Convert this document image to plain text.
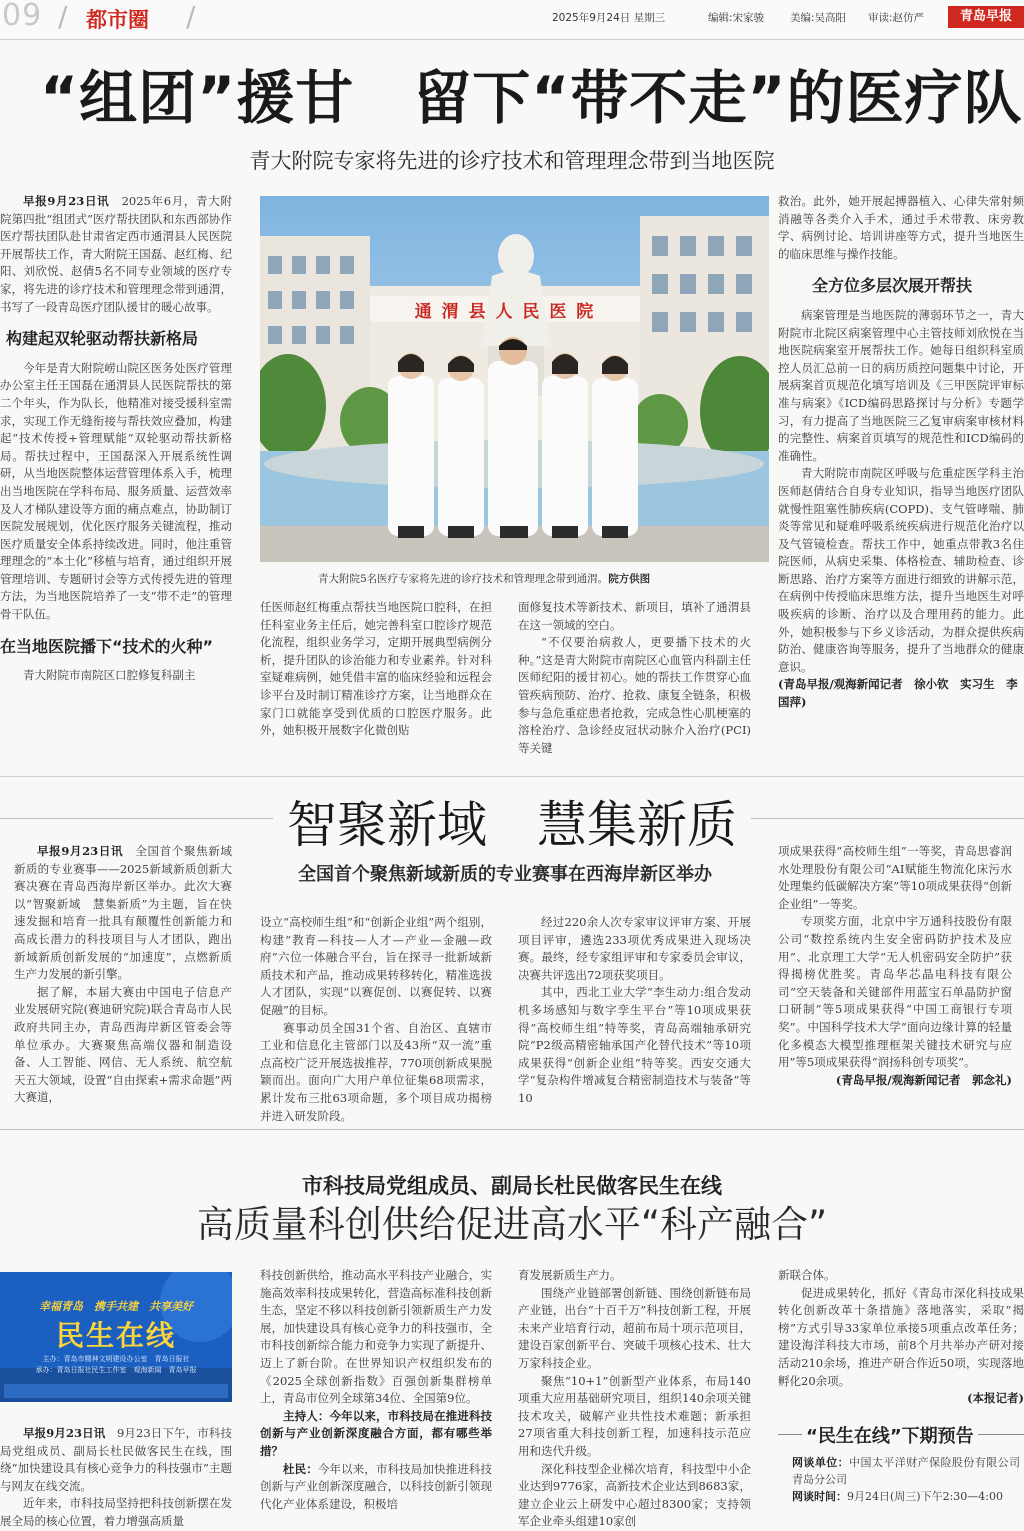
09 / 都市圈 /	2025年9月24日 星期三	编辑:宋家骏 美编:吴高阳 审读:赵仿严	青岛早报
“组团”援甘　留下“带不走”的医疗队
青大附院专家将先进的诊疗技术和管理理念带到当地医院

早报9月23日讯　 2025年6月，青大附院第四批“组团式”医疗帮扶团队和东西部协作医疗帮扶团队赴甘肃省定西市通渭县人民医院开展帮扶工作，青大附院王国磊、赵红梅、纪阳、刘欣悦、赵倩5名不同专业领域的医疗专家，将先进的诊疗技术和管理理念带到通渭，书写了一段青岛医疗团队援甘的暖心故事。

构建起双轮驱动帮扶新格局

今年是青大附院崂山院区医务处医疗管理办公室主任王国磊在通渭县人民医院帮扶的第二个年头，作为队长，他精准对接受援科室需求，实现工作无缝衔接与帮扶效应叠加，构建起“技术传授+管理赋能”双轮驱动帮扶新格局。帮扶过程中，王国磊深入开展系统性调研，从当地医院整体运营管理体系入手，梳理出当地医院在学科布局、服务质量、运营效率及人才梯队建设等方面的痛点难点，协助制订医院发展规划，优化医疗服务关键流程，推动医疗质量安全体系持续改进。同时，他注重管理理念的“本土化”移植与培育，通过组织开展管理培训、专题研讨会等方式传授先进的管理方法，为当地医院培养了一支“带不走”的管理骨干队伍。

在当地医院播下“技术的火种”

青大附院市南院区口腔修复科副主

通 渭 县 人 民 医 院
青大附院5名医疗专家将先进的诊疗技术和管理理念带到通渭。院方供图

任医师赵红梅重点帮扶当地医院口腔科，在担任科室业务主任后，她完善科室口腔诊疗规范化流程，组织业务学习，定期开展典型病例分析，提升团队的诊治能力和专业素养。针对科室疑难病例，她凭借丰富的临床经验和远程会诊平台及时制订精准诊疗方案，让当地群众在家门口就能享受到优质的口腔医疗服务。此外，她积极开展数字化微创贴

面修复技术等新技术、新项目，填补了通渭县在这一领域的空白。

“不仅要治病救人，更要播下技术的火种。”这是青大附院市南院区心血管内科副主任医师纪阳的援甘初心。她的帮扶工作贯穿心血管疾病预防、治疗、抢救、康复全链条，积极参与急危重症患者抢救，完成急性心肌梗塞的溶栓治疗、急诊经皮冠状动脉介入治疗(PCI)等关键

救治。此外，她开展起搏器植入、心律失常射频消融等各类介入手术，通过手术带教、床旁教学、病例讨论、培训讲座等方式，提升当地医生的临床思维与操作技能。

全方位多层次展开帮扶

病案管理是当地医院的薄弱环节之一，青大附院市北院区病案管理中心主管技师刘欣悦在当地医院病案室开展帮扶工作。她每日组织科室质控人员汇总前一日的病历质控问题集中讨论，开展病案首页规范化填写培训及《三甲医院评审标准与病案》《ICD编码思路探讨与分析》专题学习，有力提高了当地医院三乙复审病案审核材料的完整性、病案首页填写的规范性和ICD编码的准确性。

青大附院市南院区呼吸与危重症医学科主治医师赵倩结合自身专业知识，指导当地医疗团队就慢性阻塞性肺疾病(COPD)、支气管哮喘、肺炎等常见和疑难呼吸系统疾病进行规范化治疗以及气管镜检查。帮扶工作中，她重点带教3名住院医师，从病史采集、体格检查、辅助检查、诊断思路、治疗方案等方面进行细致的讲解示范，在病例中传授临床思维方法，提升当地医生对呼吸疾病的诊断、治疗以及合理用药的能力。此外，她积极参与下乡义诊活动，为群众提供疾病防治、健康咨询等服务，提升了当地群众的健康意识。

(青岛早报/观海新闻记者　徐小钦　实习生　李国萍)

智聚新域　慧集新质
全国首个聚焦新域新质的专业赛事在西海岸新区举办

早报9月23日讯　 全国首个聚焦新域新质的专业赛事——2025新域新质创新大赛决赛在青岛西海岸新区举办。此次大赛以“智聚新域　慧集新质”为主题，旨在快速发掘和培育一批具有颠覆性创新能力和高成长潜力的科技项目与人才团队，跑出新域新质创新发展的“加速度”，点燃新质生产力发展的新引擎。

据了解，本届大赛由中国电子信息产业发展研究院(赛迪研究院)联合青岛市人民政府共同主办，青岛西海岸新区管委会等单位承办。大赛聚焦高端仪器和制造设备、人工智能、网信、无人系统、航空航天五大领域，设置“自由探索+需求命题”两大赛道，

设立“高校师生组”和“创新企业组”两个组别，构建“教育—科技—人才—产业—金融—政府”六位一体融合平台，旨在探寻一批新域新质技术和产品，推动成果转移转化，精准选拔人才团队，实现“以赛促创、以赛促转、以赛促融”的目标。

赛事动员全国31个省、自治区、直辖市工业和信息化主管部门以及43所“双一流”重点高校广泛开展选拔推荐，770项创新成果脱颖而出。面向广大用户单位征集68项需求，累计发布三批63项命题，多个项目成功揭榜并进入研发阶段。

经过220余人次专家审议评审方案、开展项目评审，遴选233项优秀成果进入现场决赛。最终，经专家组评审和专家委员会审议，决赛共评选出72项获奖项目。

其中，西北工业大学“李生动力:组合发动机多场感知与数字孪生平台”等10项成果获得“高校师生组”特等奖，青岛高端轴承研究院“P2级高精密轴承国产化替代技术”等10项成果获得“创新企业组”特等奖。西安交通大学“复杂构件增减复合精密制造技术与装备”等10

项成果获得“高校师生组”一等奖，青岛思睿润水处理股份有限公司“AI赋能生物流化床污水处理集约低碳解决方案”等10项成果获得“创新企业组”一等奖。

专项奖方面，北京中宇万通科技股份有限公司“数控系统内生安全密码防护技术及应用”、北京理工大学“无人机密码安全防护”获得揭榜优胜奖。青岛华芯晶电科技有限公司“空天装备和关键部件用蓝宝石单晶防护窗口研制”等5项成果获得“中国工商银行专项奖”。中国科学技术大学“面向边缘计算的轻量化多模态大模型推理框架关键技术研究与应用”等5项成果获得“润扬科创专项奖”。

(青岛早报/观海新闻记者　郭念礼)

市科技局党组成员、副局长杜民做客民生在线
高质量科创供给促进高水平“科产融合”
幸福青岛　携手共建　共享美好
民生在线
主办：青岛市精神文明建设办公室　青岛日报社
承办：青岛日报社民生工作室　观海新闻　青岛早报

早报9月23日讯　 9月23日下午，市科技局党组成员、副局长杜民做客民生在线，围绕“加快建设具有核心竞争力的科技强市”主题与网友在线交流。

近年来，市科技局坚持把科技创新摆在发展全局的核心位置，着力增强高质量

科技创新供给，推动高水平科技产业融合，实施高效率科技成果转化，营造高标准科技创新生态，坚定不移以科技创新引领新质生产力发展，加快建设具有核心竞争力的科技强市，全市科技创新综合能力和竞争力实现了新提升、迈上了新台阶。在世界知识产权组织发布的《2025全球创新指数》百强创新集群榜单上，青岛市位列全球第34位、全国第9位。

主持人：今年以来，市科技局在推进科技创新与产业创新深度融合方面，都有哪些举措？

杜民：今年以来，市科技局加快推进科技创新与产业创新深度融合，以科技创新引领现代化产业体系建设，积极培

育发展新质生产力。

围绕产业链部署创新链、围绕创新链布局产业链，出台“十百千万”科技创新工程，开展未来产业培育行动，超前布局十项示范项目，建设百家创新平台、突破千项核心技术、壮大万家科技企业。

聚焦“10+1”创新型产业体系，布局140项重大应用基础研究项目，组织140余项关键技术攻关，破解产业共性技术难题；新承担27项省重大科技创新工程，加速科技示范应用和迭代升级。

深化科技型企业梯次培育，科技型中小企业达到9776家，高新技术企业达到8683家，建立企业云上研发中心超过8300家；支持领军企业牵头组建10家创

新联合体。

促进成果转化，抓好《青岛市深化科技成果转化创新改革十条措施》落地落实，采取“揭榜”方式引导33家单位承接5项重点改革任务；建设海洋科技大市场，前8个月共举办产研对接活动210余场，推进产研合作近50项，实现落地孵化20余项。

(本报记者)

“民生在线”下期预告

网谈单位：中国太平洋财产保险股份有限公司青岛分公司

网谈时间：9月24日(周三)下午2:30—4:00
